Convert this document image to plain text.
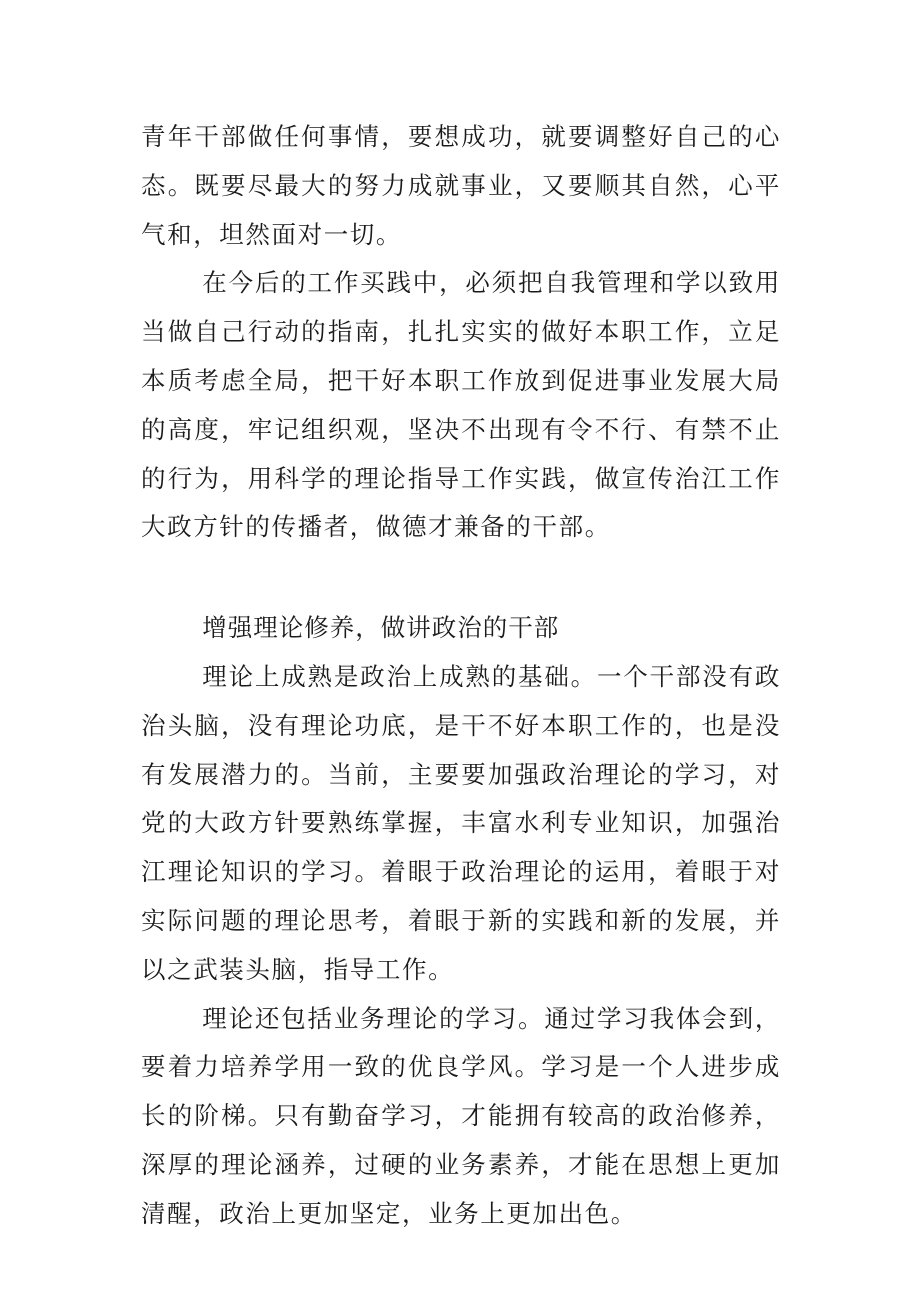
青年干部做任何事情，要想成功，就要调整好自己的心态。既要尽最大的努力成就事业，又要顺其自然，心平气和，坦然面对一切。

在今后的工作买践中，必须把自我管理和学以致用当做自己行动的指南，扎扎实实的做好本职工作，立足本质考虑全局，把干好本职工作放到促进事业发展大局的高度，牢记组织观，坚决不出现有令不行、有禁不止的行为，用科学的理论指导工作实践，做宣传治江工作大政方针的传播者，做德才兼备的干部。

增强理论修养，做讲政治的干部

理论上成熟是政治上成熟的基础。一个干部没有政治头脑，没有理论功底，是干不好本职工作的，也是没有发展潜力的。当前，主要要加强政治理论的学习，对党的大政方针要熟练掌握，丰富水利专业知识，加强治江理论知识的学习。着眼于政治理论的运用，着眼于对实际问题的理论思考，着眼于新的实践和新的发展，并以之武装头脑，指导工作。

理论还包括业务理论的学习。通过学习我体会到，要着力培养学用一致的优良学风。学习是一个人进步成长的阶梯。只有勤奋学习，才能拥有较高的政治修养，深厚的理论涵养，过硬的业务素养，才能在思想上更加清醒，政治上更加坚定，业务上更加出色。
